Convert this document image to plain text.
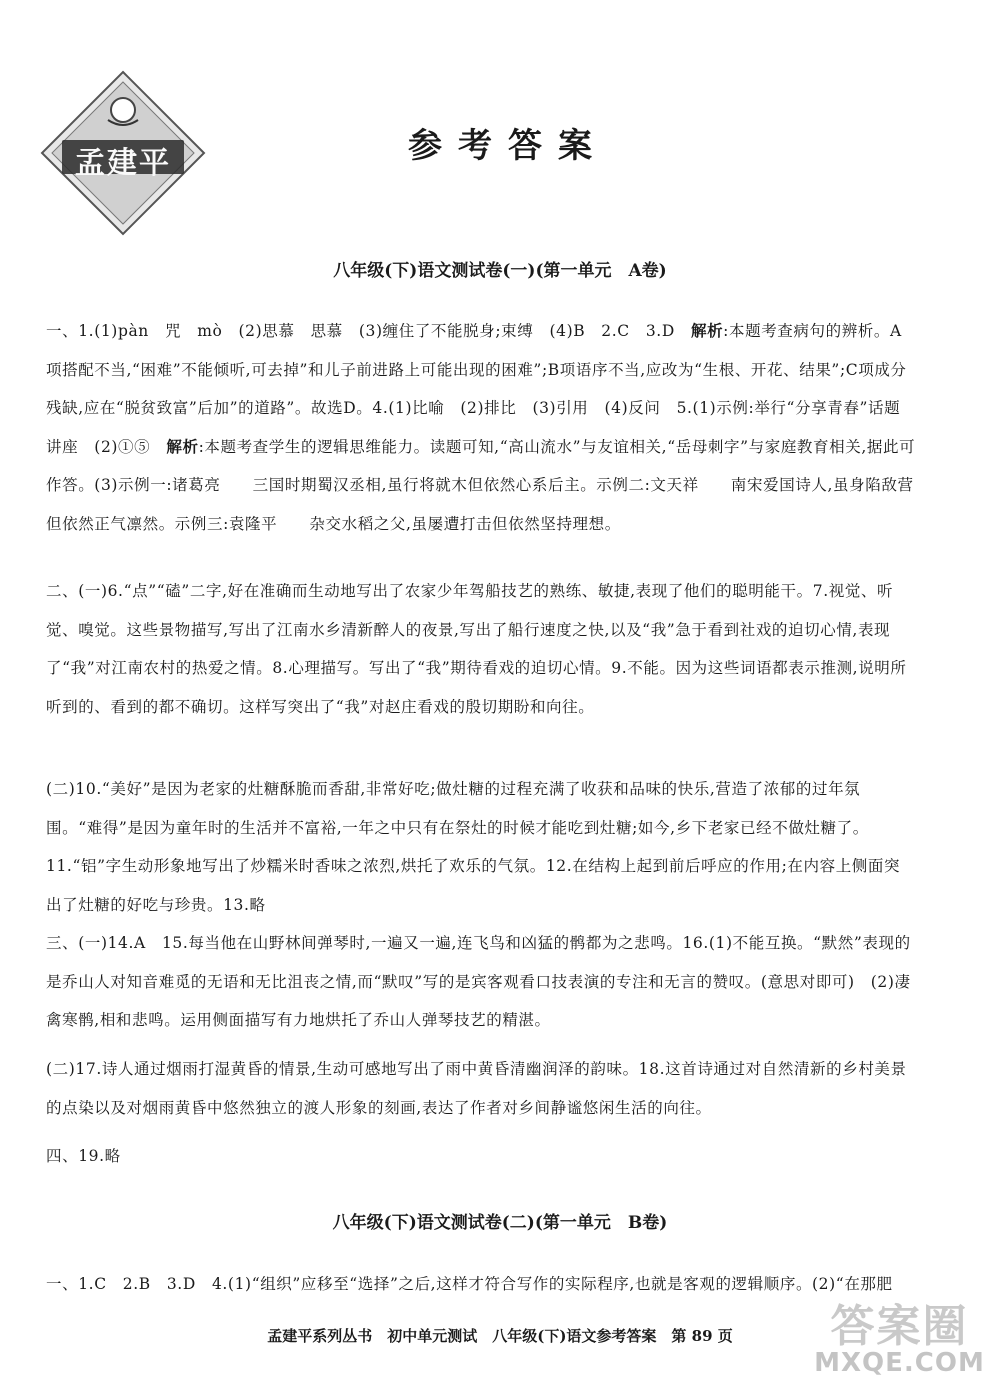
孟建平	参考答案
八年级(下)语文测试卷(一)(第一单元　A卷)
一、1.(1)pàn　咒　mò　(2)思慕　思慕　(3)缠住了不能脱身;束缚　(4)B　2.C　3.D　解析:本题考查病句的辨析。A项搭配不当,“困难”不能倾听,可去掉”和儿子前进路上可能出现的困难”;B项语序不当,应改为“生根、开花、结果”;C项成分残缺,应在“脱贫致富”后加”的道路”。故选D。4.(1)比喻　(2)排比　(3)引用　(4)反问　5.(1)示例:举行“分享青春”话题讲座　(2)①⑤　解析:本题考查学生的逻辑思维能力。读题可知,“高山流水”与友谊相关,“岳母刺字”与家庭教育相关,据此可作答。(3)示例一:诸葛亮　　三国时期蜀汉丞相,虽行将就木但依然心系后主。示例二:文天祥　　南宋爱国诗人,虽身陷敌营但依然正气凛然。示例三:袁隆平　　杂交水稻之父,虽屡遭打击但依然坚持理想。
二、(一)6.“点”“磕”二字,好在准确而生动地写出了农家少年驾船技艺的熟练、敏捷,表现了他们的聪明能干。7.视觉、听觉、嗅觉。这些景物描写,写出了江南水乡清新醉人的夜景,写出了船行速度之快,以及“我”急于看到社戏的迫切心情,表现了“我”对江南农村的热爱之情。8.心理描写。写出了“我”期待看戏的迫切心情。9.不能。因为这些词语都表示推测,说明所听到的、看到的都不确切。这样写突出了“我”对赵庄看戏的殷切期盼和向往。
(二)10.“美好”是因为老家的灶糖酥脆而香甜,非常好吃;做灶糖的过程充满了收获和品味的快乐,营造了浓郁的过年氛围。“难得”是因为童年时的生活并不富裕,一年之中只有在祭灶的时候才能吃到灶糖;如今,乡下老家已经不做灶糖了。11.“铝”字生动形象地写出了炒糯米时香味之浓烈,烘托了欢乐的气氛。12.在结构上起到前后呼应的作用;在内容上侧面突出了灶糖的好吃与珍贵。13.略
三、(一)14.A　15.每当他在山野林间弹琴时,一遍又一遍,连飞鸟和凶猛的鹘都为之悲鸣。16.(1)不能互换。“默然”表现的是乔山人对知音难觅的无语和无比沮丧之情,而“默叹”写的是宾客观看口技表演的专注和无言的赞叹。(意思对即可)　(2)凄禽寒鹘,相和悲鸣。运用侧面描写有力地烘托了乔山人弹琴技艺的精湛。
(二)17.诗人通过烟雨打湿黄昏的情景,生动可感地写出了雨中黄昏清幽润泽的韵味。18.这首诗通过对自然清新的乡村美景的点染以及对烟雨黄昏中悠然独立的渡人形象的刻画,表达了作者对乡间静谧悠闲生活的向往。
四、19.略
八年级(下)语文测试卷(二)(第一单元　B卷)
一、1.C　2.B　3.D　4.(1)“组织”应移至“选择”之后,这样才符合写作的实际程序,也就是客观的逻辑顺序。(2)“在那肥
孟建平系列丛书　初中单元测试　八年级(下)语文参考答案　第 89 页	答案圈
MXQE.COM
